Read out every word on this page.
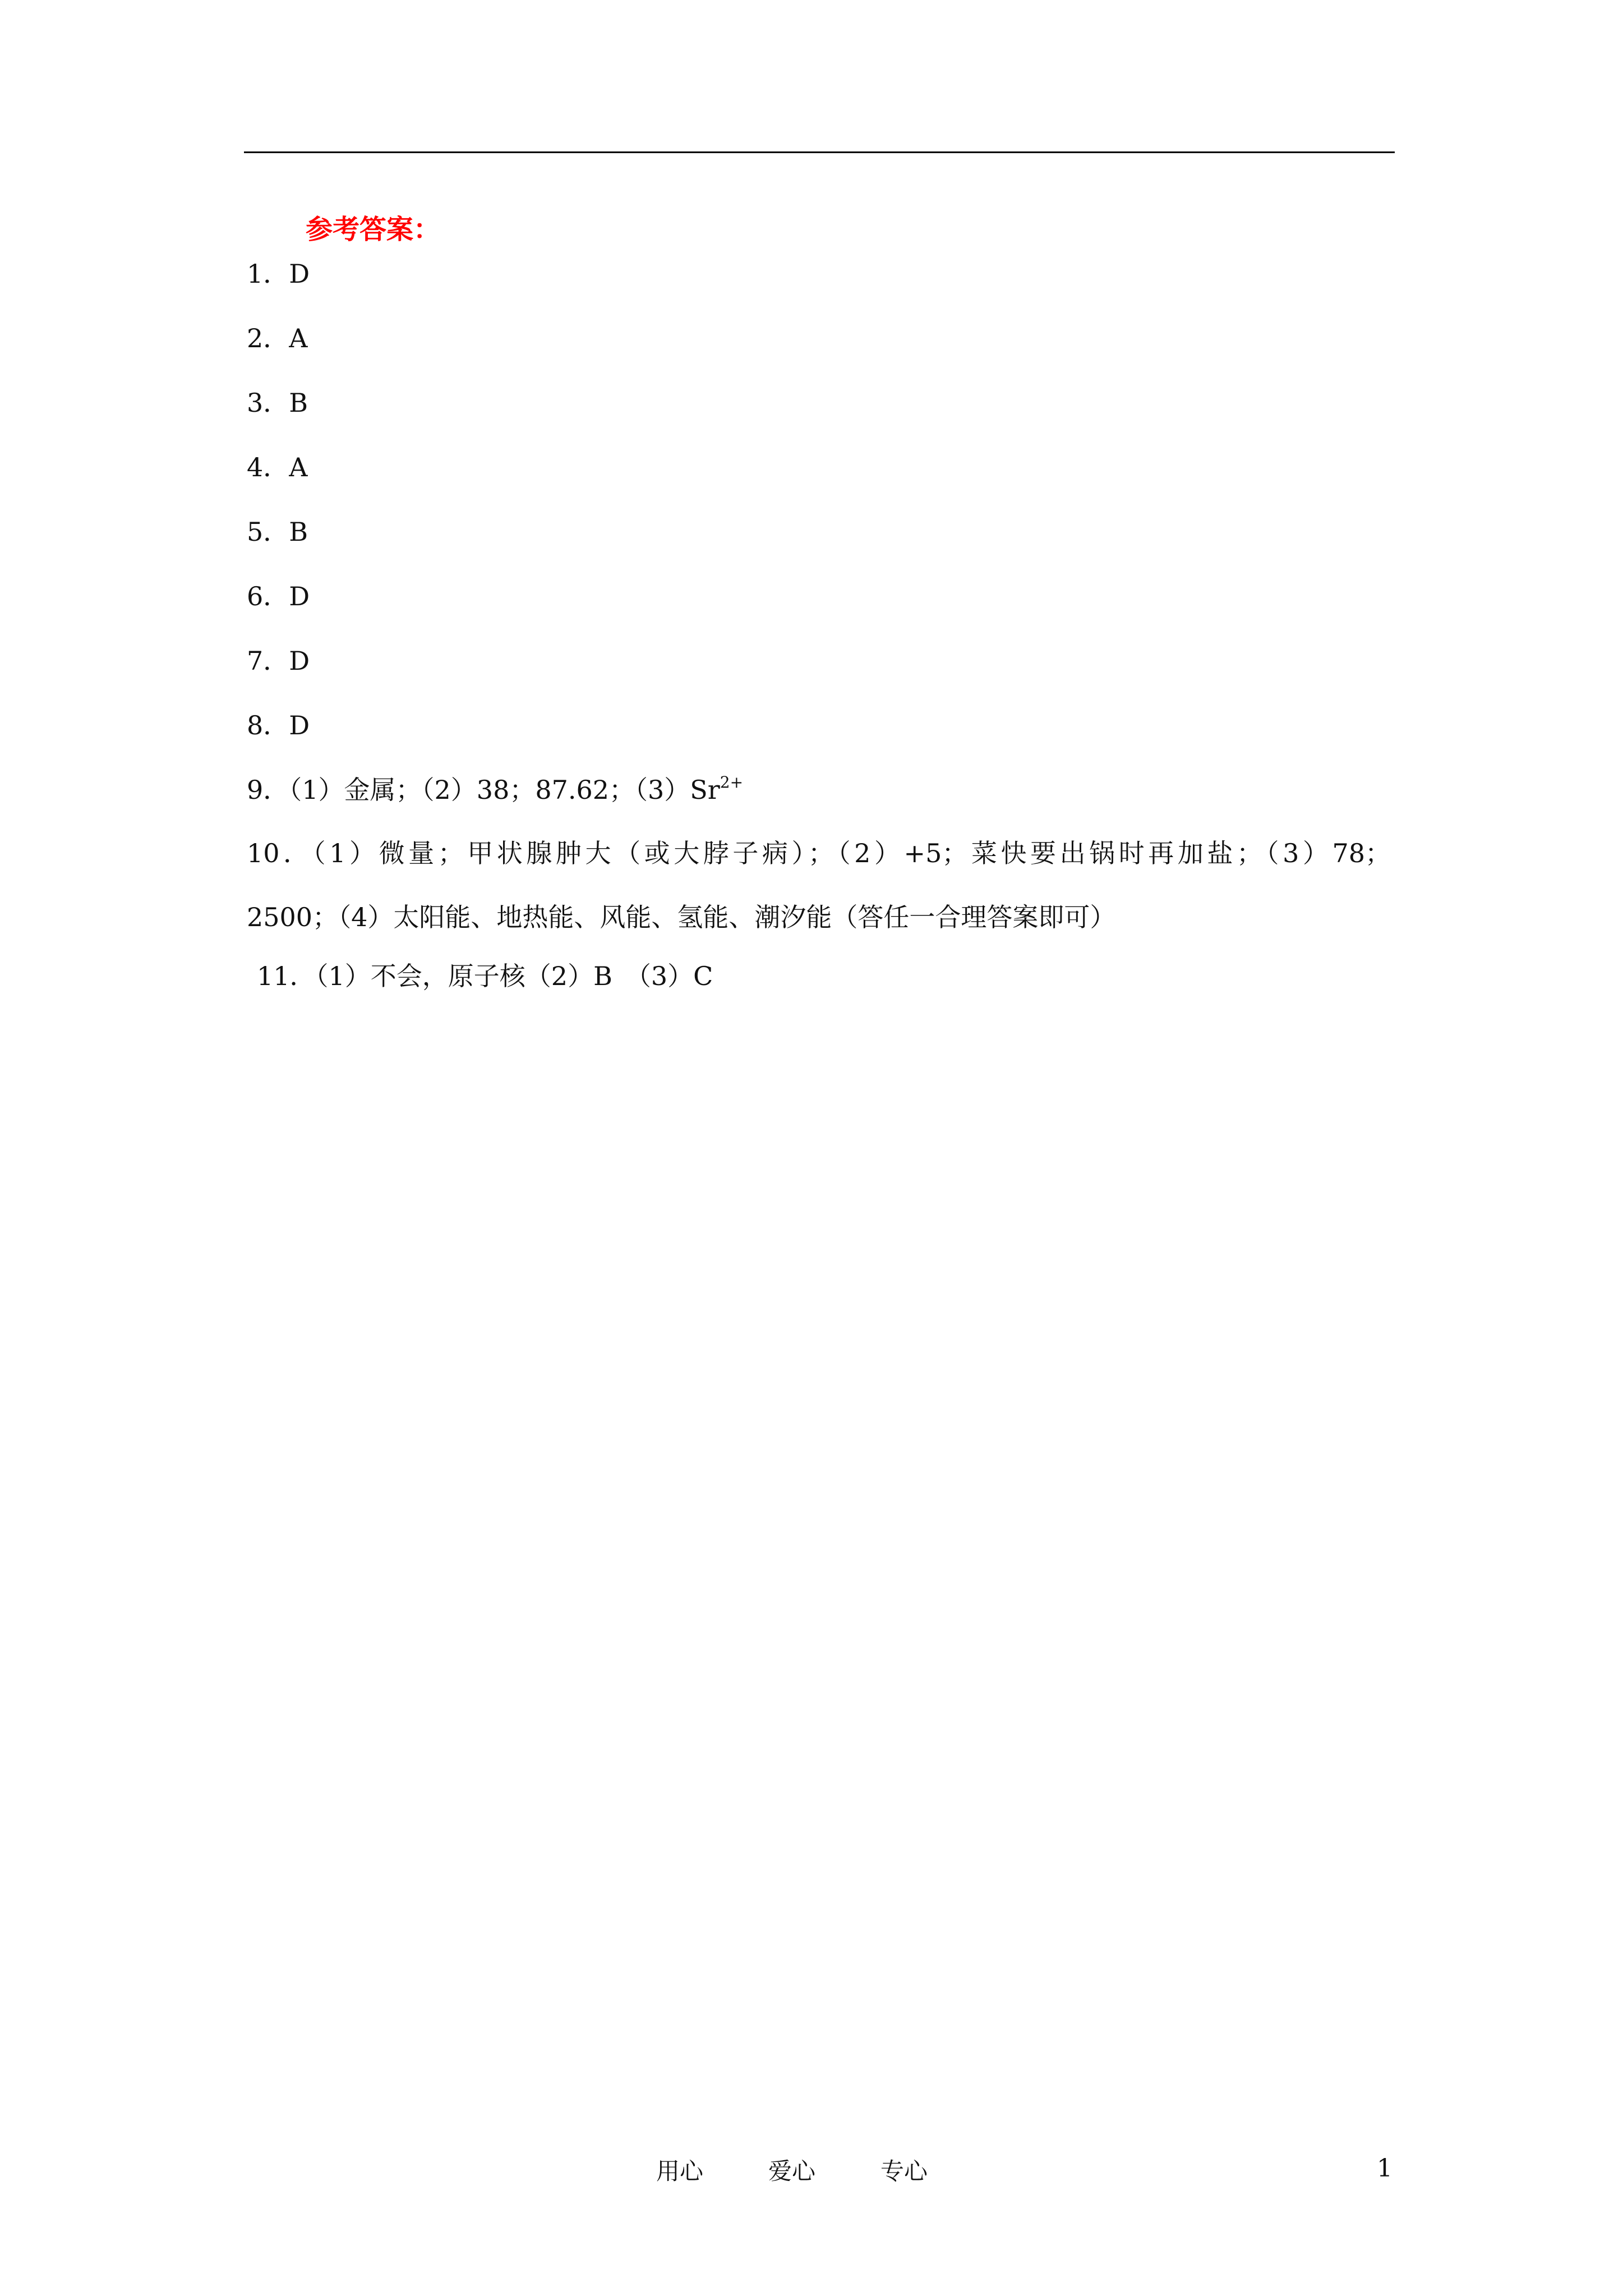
参考答案：
1．D
2．A
3．B
4．A
5．B
6．D
7．D
8．D
9．（1）金属；（2）38；87.62；$(3)Sr^{2+}$
10．（1）微量；甲状腺肿大（或大脖子病）；（2）+5；菜快要出锅时再加盐；（3）78；
2500；（4）太阳能、地热能、风能、氢能、潮汐能（答任一合理答案即可）
11．（1）不会，原子核（2）B　（3）C
用心	爱心	专心	1
